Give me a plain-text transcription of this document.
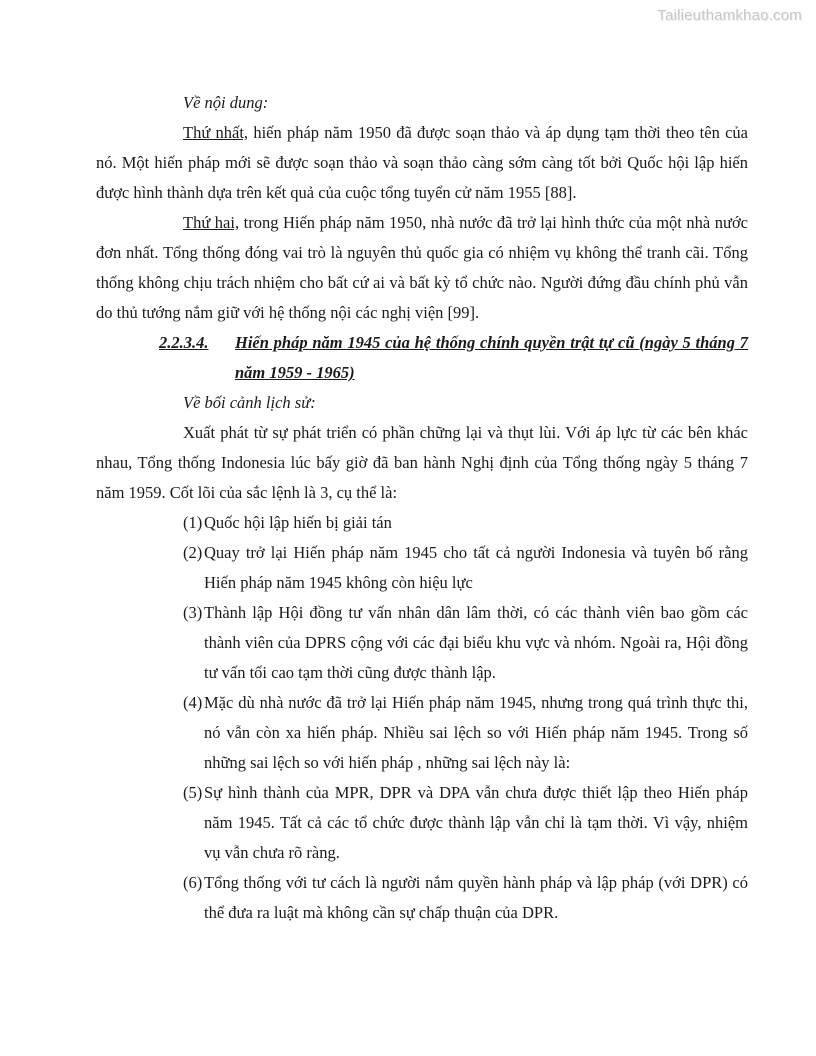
Tailieuthamkhao.com

Về nội dung:

Thứ nhất, hiến pháp năm 1950 đã được soạn thảo và áp dụng tạm thời theo tên của nó. Một hiến pháp mới sẽ được soạn thảo và soạn thảo càng sớm càng tốt bởi Quốc hội lập hiến được hình thành dựa trên kết quả của cuộc tổng tuyển cử năm 1955 [88].

Thứ hai, trong Hiến pháp năm 1950, nhà nước đã trở lại hình thức của một nhà nước đơn nhất. Tổng thống đóng vai trò là nguyên thủ quốc gia có nhiệm vụ không thể tranh cãi. Tổng thống không chịu trách nhiệm cho bất cứ ai và bất kỳ tổ chức nào. Người đứng đầu chính phủ vẫn do thủ tướng nắm giữ với hệ thống nội các nghị viện [99].

2.2.3.4.	Hiến pháp năm 1945 của hệ thống chính quyền trật tự cũ (ngày 5 tháng 7 năm 1959 - 1965)

Về bối cảnh lịch sử:

Xuất phát từ sự phát triển có phần chững lại và thụt lùi. Với áp lực từ các bên khác nhau, Tổng thống Indonesia lúc bấy giờ đã ban hành Nghị định của Tổng thống ngày 5 tháng 7 năm 1959. Cốt lõi của sắc lệnh là 3, cụ thể là:

(1) Quốc hội lập hiến bị giải tán
(2) Quay trở lại Hiến pháp năm 1945 cho tất cả người Indonesia và tuyên bố rằng Hiến pháp năm 1945 không còn hiệu lực
(3) Thành lập Hội đồng tư vấn nhân dân lâm thời, có các thành viên bao gồm các thành viên của DPRS cộng với các đại biểu khu vực và nhóm. Ngoài ra, Hội đồng tư vấn tối cao tạm thời cũng được thành lập.
(4) Mặc dù nhà nước đã trở lại Hiến pháp năm 1945, nhưng trong quá trình thực thi, nó vẫn còn xa hiến pháp. Nhiều sai lệch so với Hiến pháp năm 1945. Trong số những sai lệch so với hiến pháp , những sai lệch này là:
(5) Sự hình thành của MPR, DPR và DPA vẫn chưa được thiết lập theo Hiến pháp năm 1945. Tất cả các tổ chức được thành lập vẫn chỉ là tạm thời. Vì vậy, nhiệm vụ vẫn chưa rõ ràng.
(6) Tổng thống với tư cách là người nắm quyền hành pháp và lập pháp (với DPR) có thể đưa ra luật mà không cần sự chấp thuận của DPR.
